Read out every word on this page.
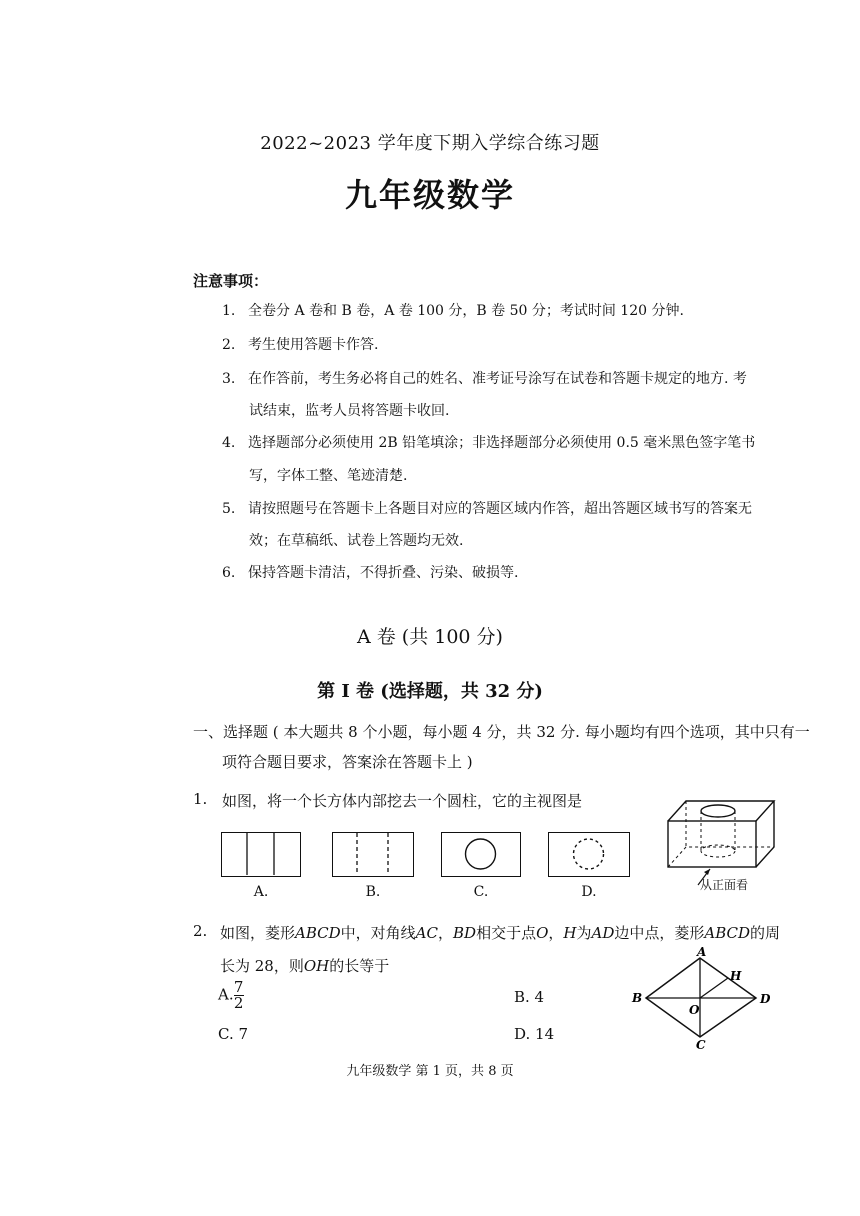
2022~2023 学年度下期入学综合练习题
九年级数学
注意事项：
1. 全卷分 A 卷和 B 卷，A 卷 100 分，B 卷 50 分；考试时间 120 分钟.
2. 考生使用答题卡作答.
3. 在作答前，考生务必将自己的姓名、准考证号涂写在试卷和答题卡规定的地方. 考
试结束，监考人员将答题卡收回.
4. 选择题部分必须使用 2B 铅笔填涂；非选择题部分必须使用 0.5 毫米黑色签字笔书
写，字体工整、笔迹清楚.
5. 请按照题号在答题卡上各题目对应的答题区域内作答，超出答题区域书写的答案无
效；在草稿纸、试卷上答题均无效.
6. 保持答题卡清洁，不得折叠、污染、破损等.
A 卷 (共 100 分)
第 I 卷 (选择题，共 32 分)
一、选择题 ( 本大题共 8 个小题，每小题 4 分，共 32 分. 每小题均有四个选项，其中只有一
项符合题目要求，答案涂在答题卡上 )
1. 如图，将一个长方体内部挖去一个圆柱，它的主视图是
A.	B.	C.	D.	从正面看
2. 如图，菱形ABCD中，对角线AC，BD相交于点O，H为AD边中点，菱形ABCD的周
长为 28，则OH的长等于
A. $\frac{7}{2}$	B. 4
C. 7	D. 14
A
B	D
C
H
O
九年级数学 第 1 页，共 8 页
